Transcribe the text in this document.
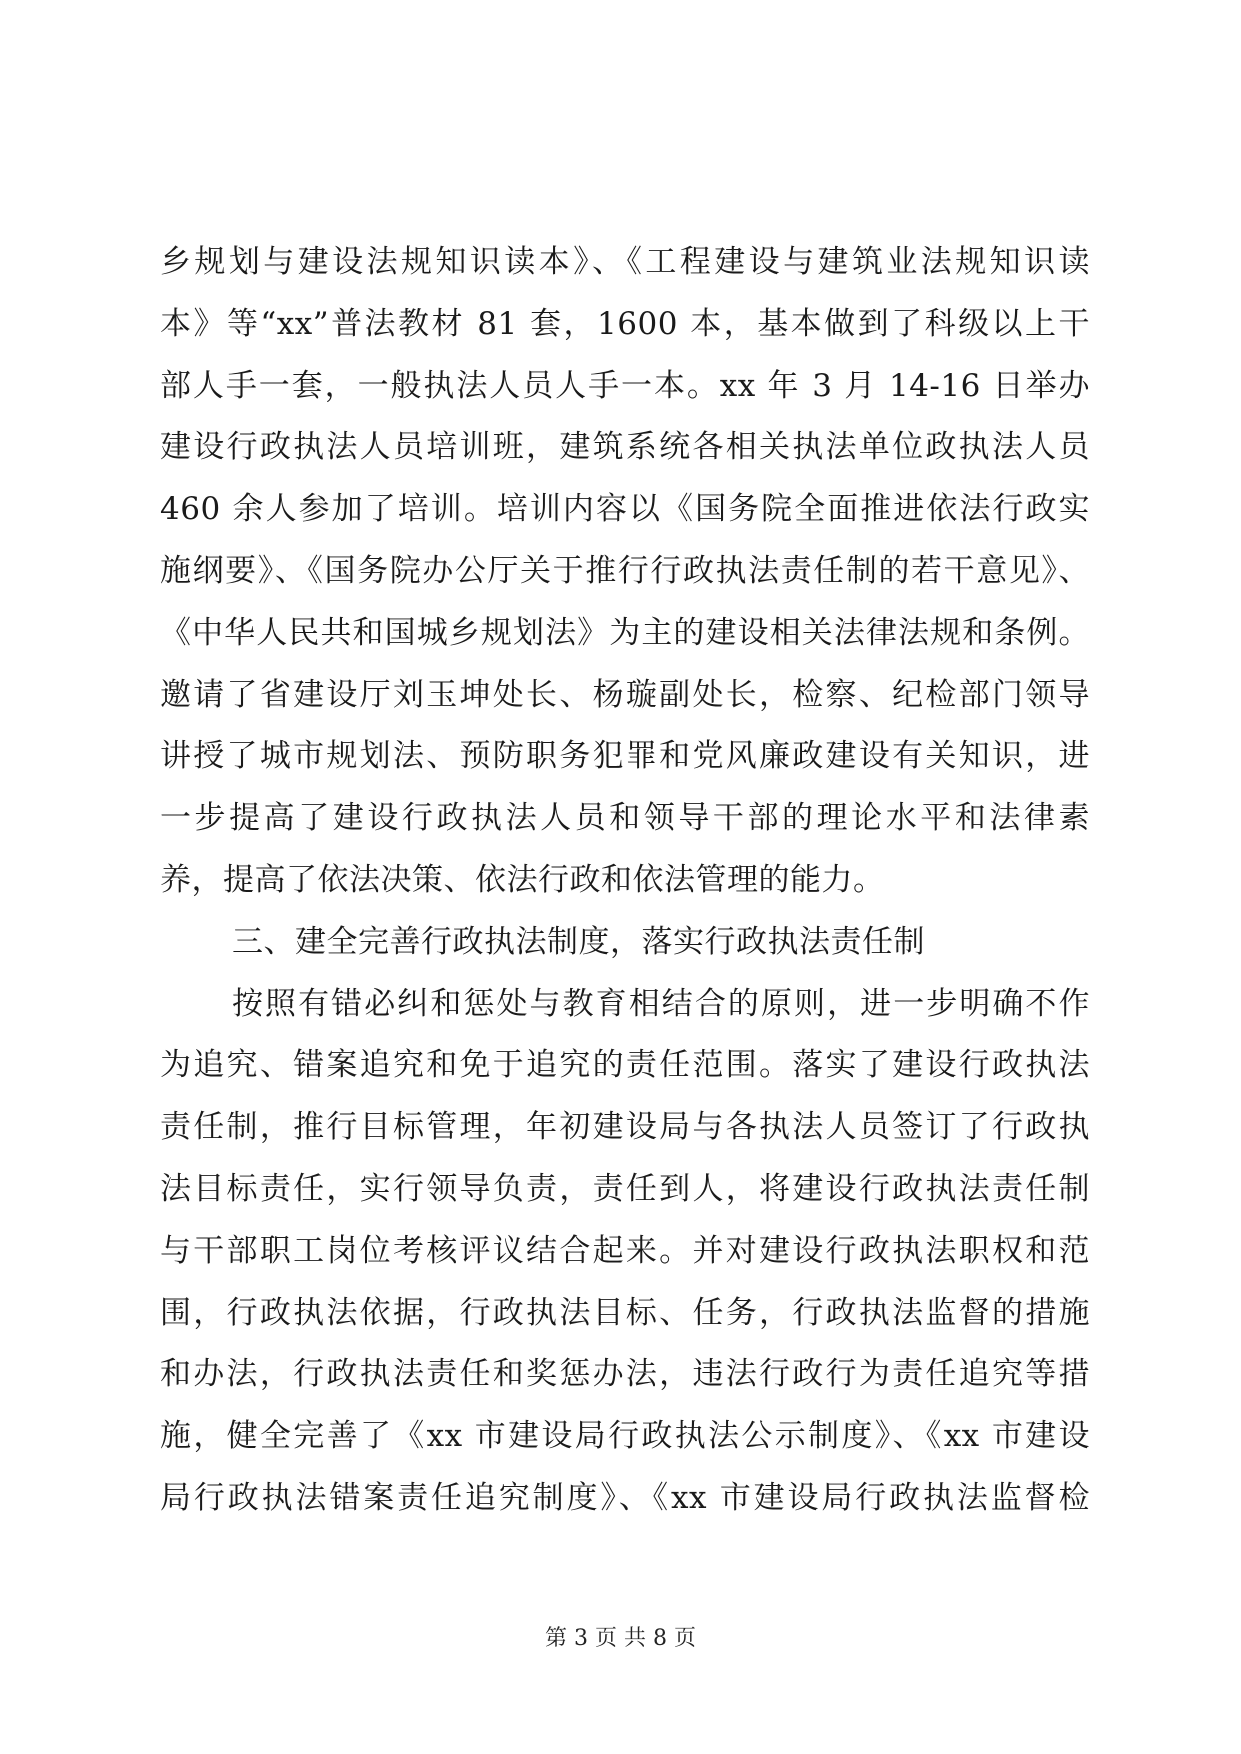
乡规划与建设法规知识读本》、《工程建设与建筑业法规知识读
本》等“xx”普法教材 81 套，1600 本，基本做到了科级以上干
部人手一套，一般执法人员人手一本。xx 年 3 月 14-16 日举办
建设行政执法人员培训班，建筑系统各相关执法单位政执法人员
460 余人参加了培训。培训内容以《国务院全面推进依法行政实
施纲要》、《国务院办公厅关于推行行政执法责任制的若干意见》、
《中华人民共和国城乡规划法》为主的建设相关法律法规和条例。
邀请了省建设厅刘玉坤处长、杨璇副处长，检察、纪检部门领导
讲授了城市规划法、预防职务犯罪和党风廉政建设有关知识，进
一步提高了建设行政执法人员和领导干部的理论水平和法律素
养，提高了依法决策、依法行政和依法管理的能力。
三、建全完善行政执法制度，落实行政执法责任制
按照有错必纠和惩处与教育相结合的原则，进一步明确不作
为追究、错案追究和免于追究的责任范围。落实了建设行政执法
责任制，推行目标管理，年初建设局与各执法人员签订了行政执
法目标责任，实行领导负责，责任到人，将建设行政执法责任制
与干部职工岗位考核评议结合起来。并对建设行政执法职权和范
围，行政执法依据，行政执法目标、任务，行政执法监督的措施
和办法，行政执法责任和奖惩办法，违法行政行为责任追究等措
施，健全完善了《xx 市建设局行政执法公示制度》、《xx 市建设
局行政执法错案责任追究制度》、《xx 市建设局行政执法监督检
第 3 页 共 8 页
